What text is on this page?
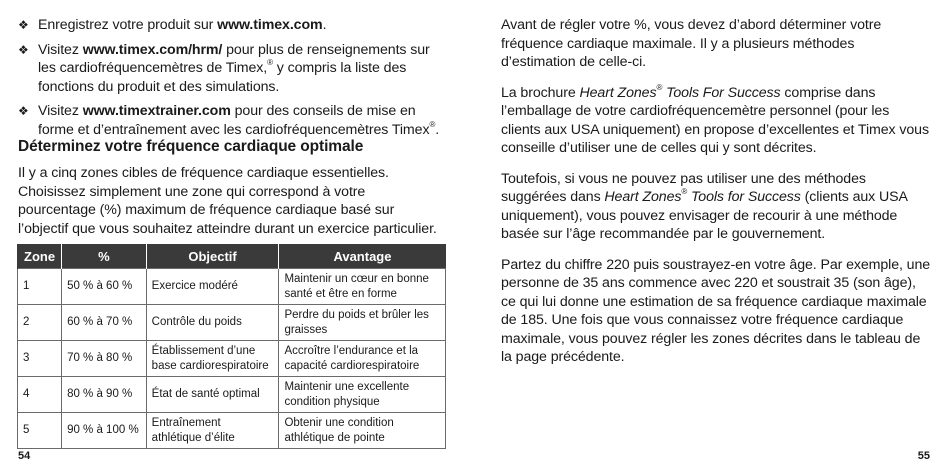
❖ Enregistrez votre produit sur www.timex.com.
❖ Visitez www.timex.com/hrm/ pour plus de renseignements sur les cardiofréquencemètres de Timex,® y compris la liste des fonctions du produit et des simulations.
❖ Visitez www.timextrainer.com pour des conseils de mise en forme et d’entraînement avec les cardiofréquencemètres Timex®.
Déterminez votre fréquence cardiaque optimale

Il y a cinq zones cibles de fréquence cardiaque essentielles. Choisissez simplement une zone qui correspond à votre pourcentage (%) maximum de fréquence cardiaque basé sur l’objectif que vous souhaitez atteindre durant un exercice particulier.

Zone	%	Objectif	Avantage
1	50 % à 60 %	Exercice modéré	Maintenir un cœur en bonne santé et être en forme
2	60 % à 70 %	Contrôle du poids	Perdre du poids et brûler les graisses
3	70 % à 80 %	Établissement d’une base cardiorespiratoire	Accroître l’endurance et la capacité cardiorespiratoire
4	80 % à 90 %	État de santé optimal	Maintenir une excellente condition physique
5	90 % à 100 %	Entraînement athlétique d’élite	Obtenir une condition athlétique de pointe
54

Avant de régler votre %, vous devez d’abord déterminer votre fréquence cardiaque maximale. Il y a plusieurs méthodes d’estimation de celle-ci.

La brochure Heart Zones® Tools For Success comprise dans l’emballage de votre cardiofréquencemètre personnel (pour les clients aux USA uniquement) en propose d’excellentes et Timex vous conseille d’utiliser une de celles qui y sont décrites.

Toutefois, si vous ne pouvez pas utiliser une des méthodes suggérées dans Heart Zones® Tools for Success (clients aux USA uniquement), vous pouvez envisager de recourir à une méthode basée sur l’âge recommandée par le gouvernement.

Partez du chiffre 220 puis soustrayez-en votre âge. Par exemple, une personne de 35 ans commence avec 220 et soustrait 35 (son âge), ce qui lui donne une estimation de sa fréquence cardiaque maximale de 185. Une fois que vous connaissez votre fréquence cardiaque maximale, vous pouvez régler les zones décrites dans le tableau de la page précédente.

55
